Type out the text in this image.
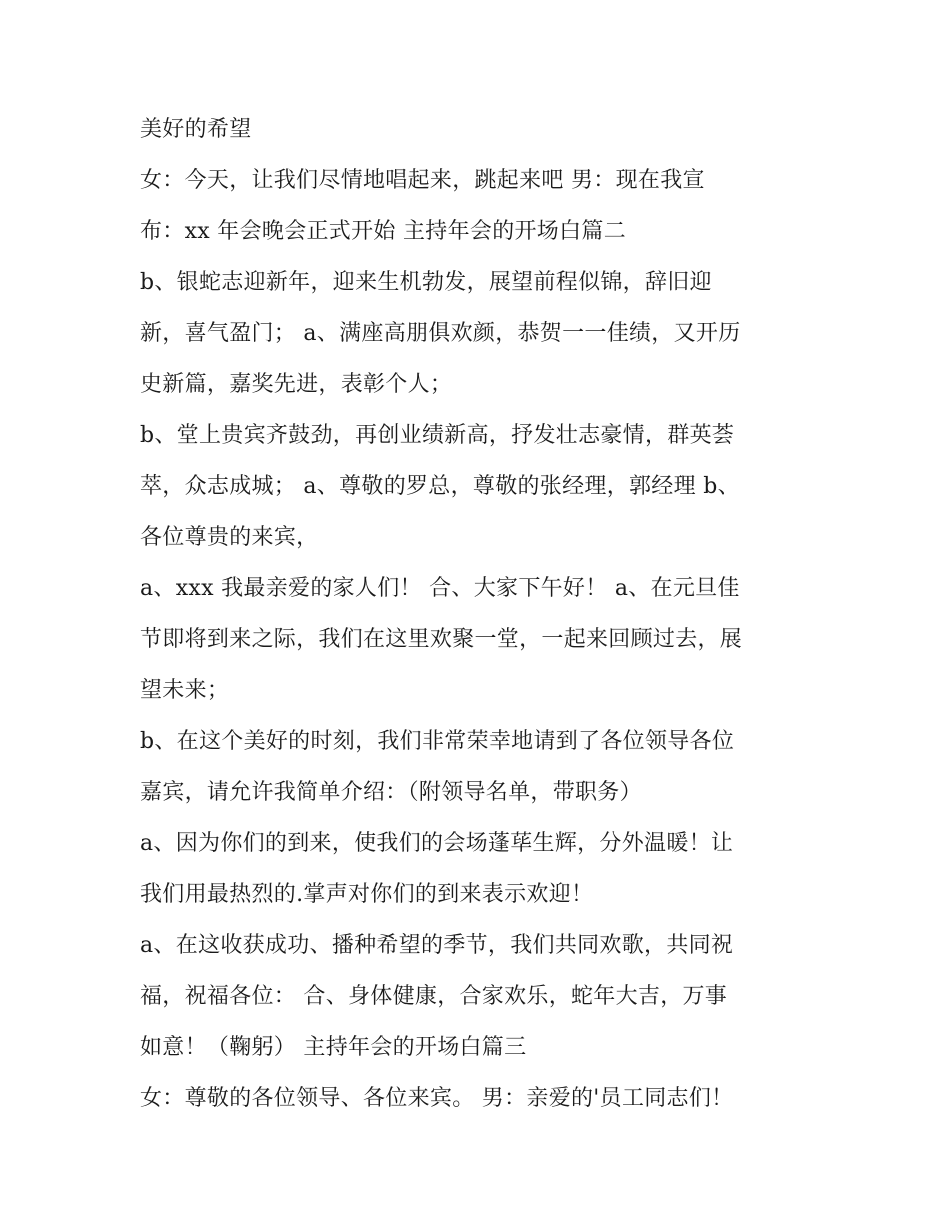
美好的希望
女：今天，让我们尽情地唱起来，跳起来吧 男：现在我宣
布：xx 年会晚会正式开始 主持年会的开场白篇二
b、银蛇志迎新年，迎来生机勃发，展望前程似锦，辞旧迎
新，喜气盈门； a、满座高朋俱欢颜，恭贺一一佳绩，又开历
史新篇，嘉奖先进，表彰个人；
b、堂上贵宾齐鼓劲，再创业绩新高，抒发壮志豪情，群英荟
萃，众志成城； a、尊敬的罗总，尊敬的张经理，郭经理 b、
各位尊贵的来宾，
a、xxx 我最亲爱的家人们！ 合、大家下午好！ a、在元旦佳
节即将到来之际，我们在这里欢聚一堂，一起来回顾过去，展
望未来；
b、在这个美好的时刻，我们非常荣幸地请到了各位领导各位
嘉宾，请允许我简单介绍：（附领导名单，带职务）
a、因为你们的到来，使我们的会场蓬荜生辉，分外温暖！让
我们用最热烈的.掌声对你们的到来表示欢迎！
a、在这收获成功、播种希望的季节，我们共同欢歌，共同祝
福，祝福各位： 合、身体健康，合家欢乐，蛇年大吉，万事
如意！（鞠躬） 主持年会的开场白篇三
女：尊敬的各位领导、各位来宾。 男：亲爱的'员工同志们！
